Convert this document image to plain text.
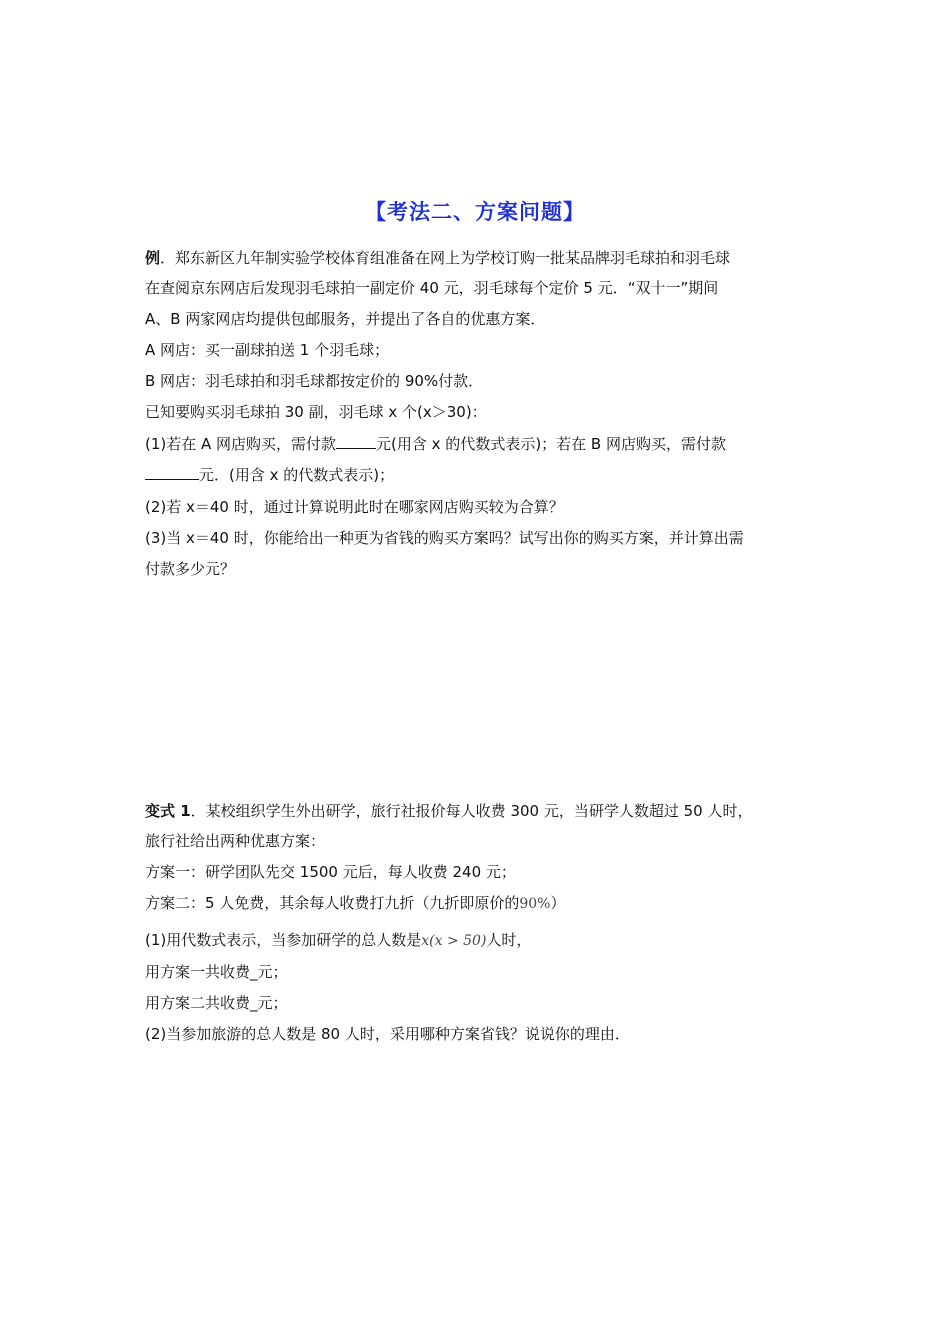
【考法二、方案问题】
例．郑东新区九年制实验学校体育组准备在网上为学校订购一批某品牌羽毛球拍和羽毛球
在查阅京东网店后发现羽毛球拍一副定价 40 元，羽毛球每个定价 5 元．“双十一”期间
A、B 两家网店均提供包邮服务，并提出了各自的优惠方案．
A 网店：买一副球拍送 1 个羽毛球；
B 网店：羽毛球拍和羽毛球都按定价的 90%付款．
已知要购买羽毛球拍 30 副，羽毛球 x 个(x＞30)：
(1)若在 A 网店购买，需付款	元(用含 x 的代数式表示)；若在 B 网店购买，需付款
元．(用含 x 的代数式表示)；
(2)若 x＝40 时，通过计算说明此时在哪家网店购买较为合算？
(3)当 x＝40 时，你能给出一种更为省钱的购买方案吗？试写出你的购买方案，并计算出需
付款多少元？
变式 1．某校组织学生外出研学，旅行社报价每人收费 300 元，当研学人数超过 50 人时，
旅行社给出两种优惠方案：
方案一：研学团队先交 1500 元后，每人收费 240 元；
方案二：5 人免费，其余每人收费打九折（九折即原价的90%）
(1)用代数式表示，当参加研学的总人数是x(x > 50)人时，
用方案一共收费_元；
用方案二共收费_元；
(2)当参加旅游的总人数是 80 人时，采用哪种方案省钱？说说你的理由．
